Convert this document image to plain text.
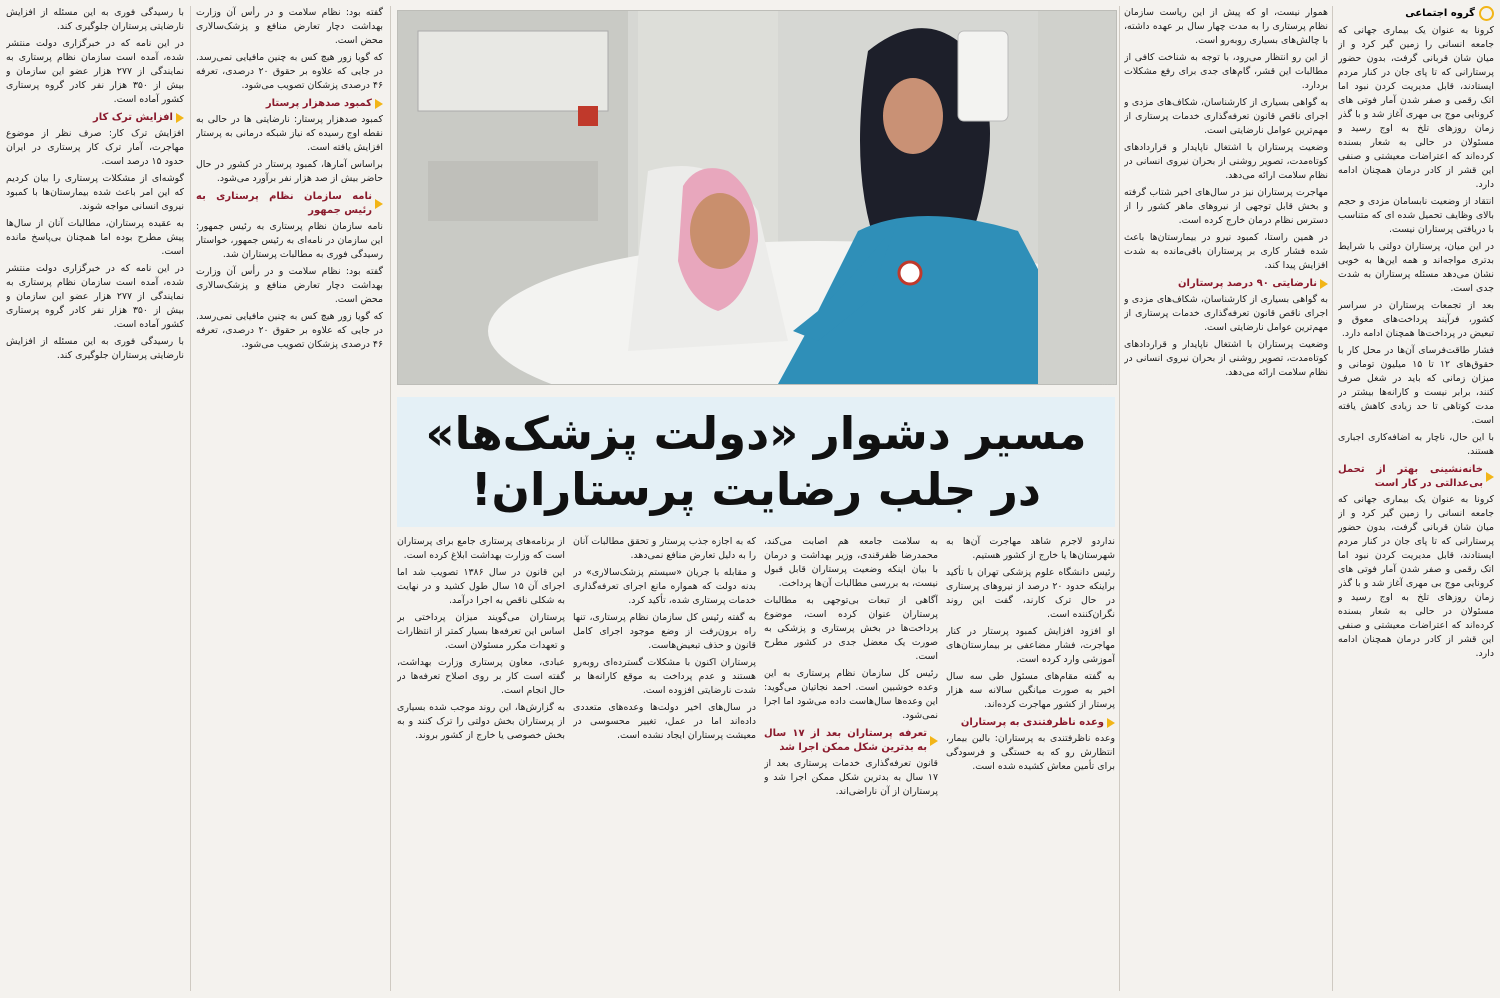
گروه اجتماعی

کرونا به عنوان یک بیماری جهانی که جامعه انسانی را زمین گیر کرد و از میان شان قربانی گرفت، بدون حضور پرستارانی که تا پای جان در کنار مردم ایستادند، قابل مدیریت کردن نبود اما اتک رقمی و صفر شدن آمار فوتی های کرونایی موج بی مهری آغاز شد و با گذر زمان روزهای تلخ به اوج رسید و مسئولان در حالی به شعار بسنده کرده‌اند که اعتراضات معیشتی و صنفی این قشر از کادر درمان همچنان ادامه دارد.

انتقاد از وضعیت نابسامان مزدی و حجم بالای وظایف تحمیل شده ای که متناسب با دریافتی پرستاران نیست.

در این میان، پرستاران دولتی با شرایط بدتری مواجه‌اند و همه این‌ها به خوبی نشان می‌دهد مسئله پرستاران به شدت جدی است.

بعد از تجمعات پرستاران در سراسر کشور، فرآیند پرداخت‌های معوق و تبعیض در پرداخت‌ها همچنان ادامه دارد.

فشار طاقت‌فرسای آن‌ها در محل کار با حقوق‌های ۱۲ تا ۱۵ میلیون تومانی و میزان زمانی که باید در شغل صرف کنند، برابر نیست و کارانه‌ها بیشتر در مدت کوتاهی تا حد زیادی کاهش یافته است.

با این حال، ناچار به اضافه‌کاری اجباری هستند.

خانه‌نشینی بهتر از تحمل بی‌عدالتی در کار است

کرونا به عنوان یک بیماری جهانی که جامعه انسانی را زمین گیر کرد و از میان شان قربانی گرفت، بدون حضور پرستارانی که تا پای جان در کنار مردم ایستادند، قابل مدیریت کردن نبود اما اتک رقمی و صفر شدن آمار فوتی های کرونایی موج بی مهری آغاز شد و با گذر زمان روزهای تلخ به اوج رسید و مسئولان در حالی به شعار بسنده کرده‌اند که اعتراضات معیشتی و صنفی این قشر از کادر درمان همچنان ادامه دارد.

هموار نیست، او که پیش از این ریاست سازمان نظام پرستاری را به مدت چهار سال بر عهده داشته، با چالش‌های بسیاری روبه‌رو است.

از این رو انتظار می‌رود، با توجه به شناخت کافی از مطالبات این قشر، گام‌های جدی برای رفع مشکلات بردارد.

به گواهی بسیاری از کارشناسان، شکاف‌های مزدی و اجرای ناقص قانون تعرفه‌گذاری خدمات پرستاری از مهم‌ترین عوامل نارضایتی است.

وضعیت پرستاران با اشتغال ناپایدار و قراردادهای کوتاه‌مدت، تصویر روشنی از بحران نیروی انسانی در نظام سلامت ارائه می‌دهد.

مهاجرت پرستاران نیز در سال‌های اخیر شتاب گرفته و بخش قابل توجهی از نیروهای ماهر کشور را از دسترس نظام درمان خارج کرده است.

در همین راستا، کمبود نیرو در بیمارستان‌ها باعث شده فشار کاری بر پرستاران باقی‌مانده به شدت افزایش پیدا کند.

نارضایتی ۹۰ درصد پرستاران

به گواهی بسیاری از کارشناسان، شکاف‌های مزدی و اجرای ناقص قانون تعرفه‌گذاری خدمات پرستاری از مهم‌ترین عوامل نارضایتی است.

وضعیت پرستاران با اشتغال ناپایدار و قراردادهای کوتاه‌مدت، تصویر روشنی از بحران نیروی انسانی در نظام سلامت ارائه می‌دهد.

مسیر دشوار «دولت پزشک‌ها»
در جلب رضایت پرستاران!

نداردو لاجرم شاهد مهاجرت آن‌ها به شهرستان‌ها یا خارج از کشور هستیم.

رئیس دانشگاه علوم پزشکی تهران با تأکید براینکه حدود ۲۰ درصد از نیروهای پرستاری در حال ترک کارند، گفت این روند نگران‌کننده است.

او افزود افزایش کمبود پرستار در کنار مهاجرت، فشار مضاعفی بر بیمارستان‌های آموزشی وارد کرده است.

به گفته مقام‌های مسئول طی سه سال اخیر به صورت میانگین سالانه سه هزار پرستار از کشور مهاجرت کرده‌اند.

وعده ناظرفتندی به پرستاران

وعده ناظرفتندی به پرستاران: بالین بیمار، انتظارش رو که به خستگی و فرسودگی برای تأمین معاش کشیده شده است.

به سلامت جامعه هم اصابت می‌کند، محمدرضا ظفرقندی، وزیر بهداشت و درمان با بیان اینکه وضعیت پرستاران قابل قبول نیست، به بررسی مطالبات آن‌ها پرداخت.

آگاهی از تبعات بی‌توجهی به مطالبات پرستاران عنوان کرده است، موضوع پرداخت‌ها در بخش پرستاری و پزشکی به صورت یک معضل جدی در کشور مطرح است.

رئیس کل سازمان نظام پرستاری به این وعده خوشبین است. احمد نجاتیان می‌گوید: این وعده‌ها سال‌هاست داده می‌شود اما اجرا نمی‌شود.

تعرفه پرستاران بعد از ۱۷ سال به بدترین شکل ممکن اجرا شد

قانون تعرفه‌گذاری خدمات پرستاری بعد از ۱۷ سال به بدترین شکل ممکن اجرا شد و پرستاران از آن ناراضی‌اند.

که به اجازه جذب پرستار و تحقق مطالبات آنان را به دلیل تعارض منافع نمی‌دهد.

و مقابله با جریان «سیستم پزشک‌سالاری» در بدنه دولت که همواره مانع اجرای تعرفه‌گذاری خدمات پرستاری شده، تأکید کرد.

به گفته رئیس کل سازمان نظام پرستاری، تنها راه برون‌رفت از وضع موجود اجرای کامل قانون و حذف تبعیض‌هاست.

پرستاران اکنون با مشکلات گسترده‌ای روبه‌رو هستند و عدم پرداخت به موقع کارانه‌ها بر شدت نارضایتی افزوده است.

در سال‌های اخیر دولت‌ها وعده‌های متعددی داده‌اند اما در عمل، تغییر محسوسی در معیشت پرستاران ایجاد نشده است.

از برنامه‌های پرستاری جامع برای پرستاران است که وزارت بهداشت ابلاغ کرده است.

این قانون در سال ۱۳۸۶ تصویب شد اما اجرای آن ۱۵ سال طول کشید و در نهایت به شکلی ناقص به اجرا درآمد.

پرستاران می‌گویند میزان پرداختی بر اساس این تعرفه‌ها بسیار کمتر از انتظارات و تعهدات مکرر مسئولان است.

عبادی، معاون پرستاری وزارت بهداشت، گفته است کار بر روی اصلاح تعرفه‌ها در حال انجام است.

به گزارش‌ها، این روند موجب شده بسیاری از پرستاران بخش دولتی را ترک کنند و به بخش خصوصی یا خارج از کشور بروند.

گفته بود: نظام سلامت و در رأس آن وزارت بهداشت دچار تعارض منافع و پزشک‌سالاری محض است.

که گویا زور هیچ کس به چنین مافیایی نمی‌رسد. در جایی که علاوه بر حقوق ۲۰ درصدی، تعرفه ۴۶ درصدی پزشکان تصویب می‌شود.

کمبود صدهزار پرستار

کمبود صدهزار پرستار: نارضایتی ها در حالی به نقطه اوج رسیده که نیاز شبکه درمانی به پرستار افزایش یافته است.

براساس آمارها، کمبود پرستار در کشور در حال حاضر بیش از صد هزار نفر برآورد می‌شود.

نامه سازمان نظام پرستاری به رئیس جمهور

نامه سازمان نظام پرستاری به رئیس جمهور: این سازمان در نامه‌ای به رئیس جمهور، خواستار رسیدگی فوری به مطالبات پرستاران شد.

گفته بود: نظام سلامت و در رأس آن وزارت بهداشت دچار تعارض منافع و پزشک‌سالاری محض است.

که گویا زور هیچ کس به چنین مافیایی نمی‌رسد. در جایی که علاوه بر حقوق ۲۰ درصدی، تعرفه ۴۶ درصدی پزشکان تصویب می‌شود.

با رسیدگی فوری به این مسئله از افزایش نارضایتی پرستاران جلوگیری کند.

در این نامه که در خبرگزاری دولت منتشر شده، آمده است سازمان نظام پرستاری به نمایندگی از ۲۷۷ هزار عضو این سازمان و بیش از ۳۵۰ هزار نفر کادر گروه پرستاری کشور آماده است.

افزایش ترک کار

افزایش ترک کار: صرف نظر از موضوع مهاجرت، آمار ترک کار پرستاری در ایران حدود ۱۵ درصد است.

گوشه‌ای از مشکلات پرستاری را بیان کردیم که این امر باعث شده بیمارستان‌ها با کمبود نیروی انسانی مواجه شوند.

به عقیده پرستاران، مطالبات آنان از سال‌ها پیش مطرح بوده اما همچنان بی‌پاسخ مانده است.

در این نامه که در خبرگزاری دولت منتشر شده، آمده است سازمان نظام پرستاری به نمایندگی از ۲۷۷ هزار عضو این سازمان و بیش از ۳۵۰ هزار نفر کادر گروه پرستاری کشور آماده است.

با رسیدگی فوری به این مسئله از افزایش نارضایتی پرستاران جلوگیری کند.

پرستار در حال مراقبت از بیمار سالمند
گروه اجتماعی
